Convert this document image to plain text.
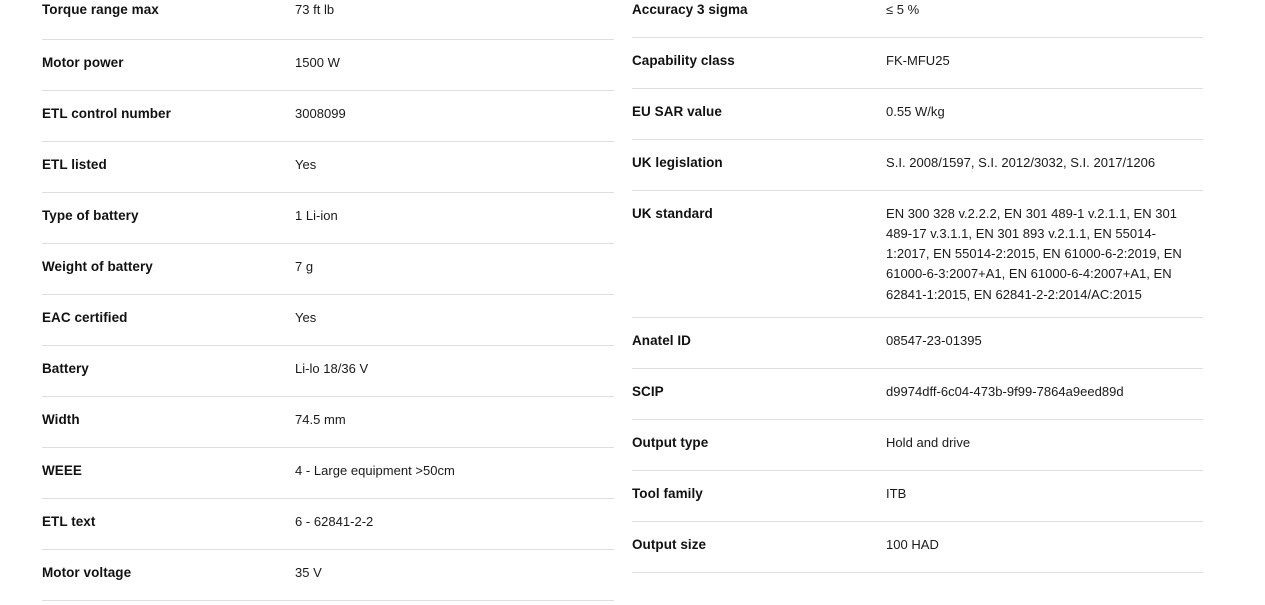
Torque range max	73 ft lb
Motor power	1500 W
ETL control number	3008099
ETL listed	Yes
Type of battery	1 Li-ion
Weight of battery	7 g
EAC certified	Yes
Battery	Li-lo 18/36 V
Width	74.5 mm
WEEE	4 - Large equipment >50cm
ETL text	6 - 62841-2-2
Motor voltage	35 V
Accuracy 3 sigma	≤ 5 %
Capability class	FK-MFU25
EU SAR value	0.55 W/kg
UK legislation	S.I. 2008/1597, S.I. 2012/3032, S.I. 2017/1206
UK standard	EN 300 328 v.2.2.2, EN 301 489-1 v.2.1.1, EN 301 489-17 v.3.1.1, EN 301 893 v.2.1.1, EN 55014-1:2017, EN 55014-2:2015, EN 61000-6-2:2019, EN 61000-6-3:2007+A1, EN 61000-6-4:2007+A1, EN 62841-1:2015, EN 62841-2-2:2014/AC:2015
Anatel ID	08547-23-01395
SCIP	d9974dff-6c04-473b-9f99-7864a9eed89d
Output type	Hold and drive
Tool family	ITB
Output size	100 HAD
